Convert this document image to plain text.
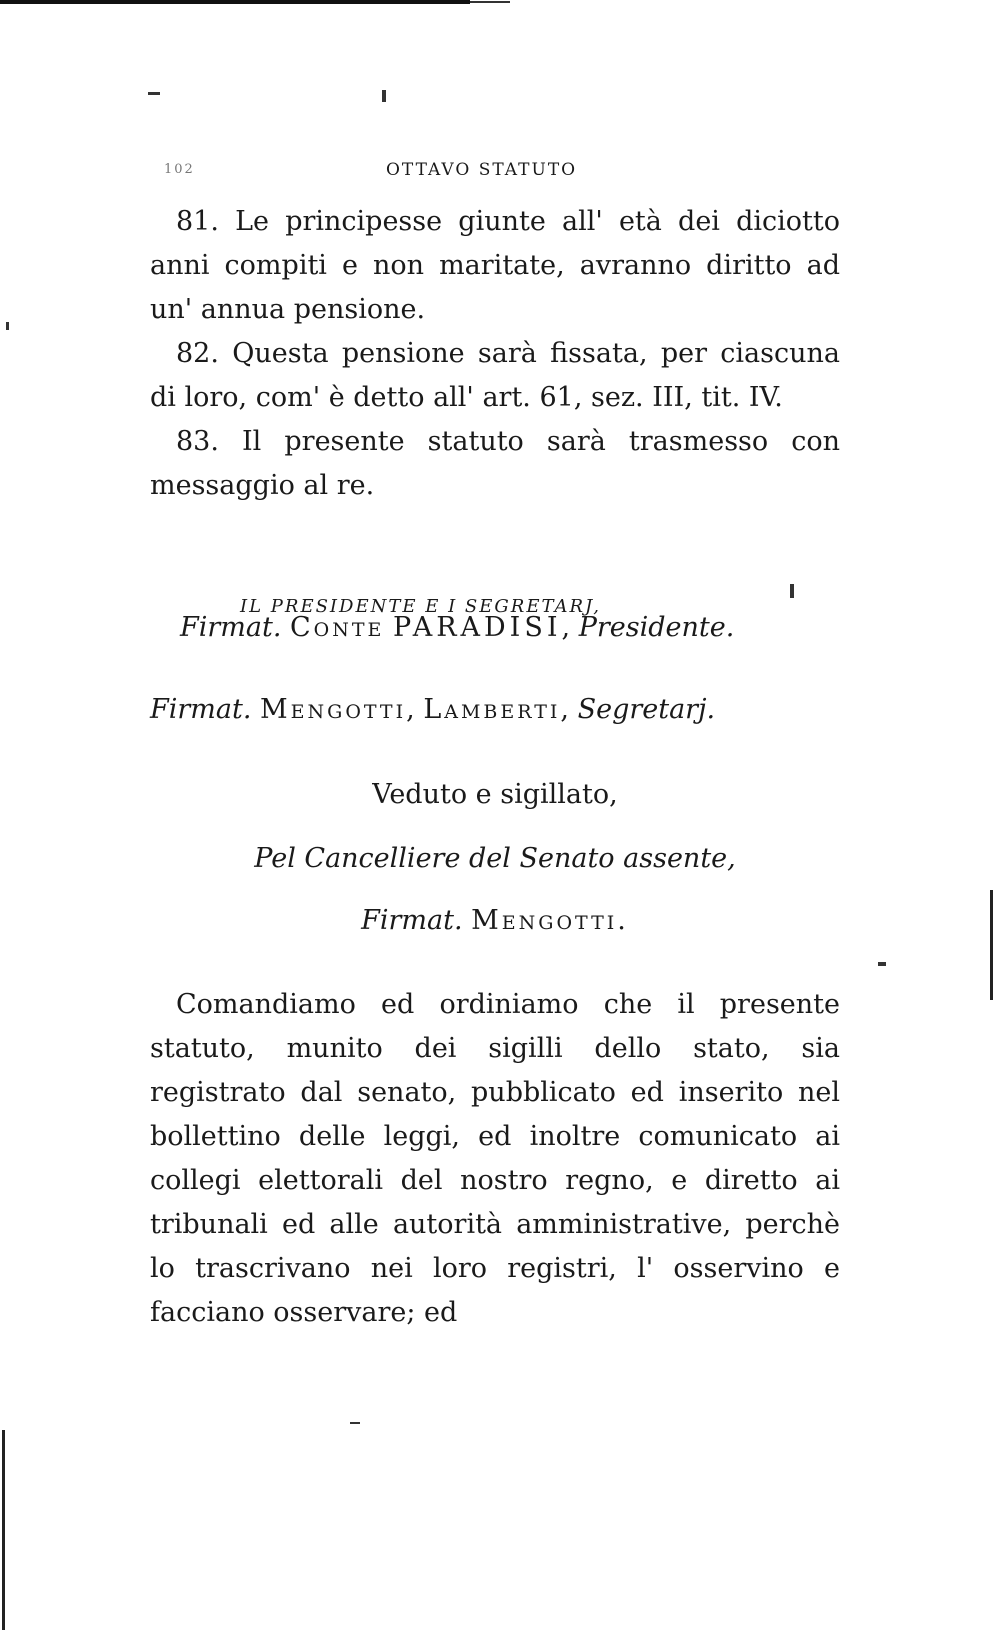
102	OTTAVO STATUTO

81. Le principesse giunte all' età dei diciotto anni compiti e non maritate, avranno diritto ad un' annua pensione.

82. Questa pensione sarà fissata, per ciascuna di loro, com' è detto all' art. 61, sez. III, tit. IV.

83. Il presente statuto sarà trasmesso con messaggio al re.

IL PRESIDENTE E I SEGRETARJ,
Firmat. Conte PARADISI, Presidente.
Firmat. Mengotti, Lamberti, Segretarj.
Veduto e sigillato,
Pel Cancelliere del Senato assente,
Firmat. Mengotti.

Comandiamo ed ordiniamo che il presente statuto, munito dei sigilli dello stato, sia registrato dal senato, pubblicato ed inserito nel bollettino delle leggi, ed inoltre comunicato ai collegi elettorali del nostro regno, e diretto ai tribunali ed alle autorità amministrative, perchè lo trascrivano nei loro registri, l' osservino e facciano osservare; ed
